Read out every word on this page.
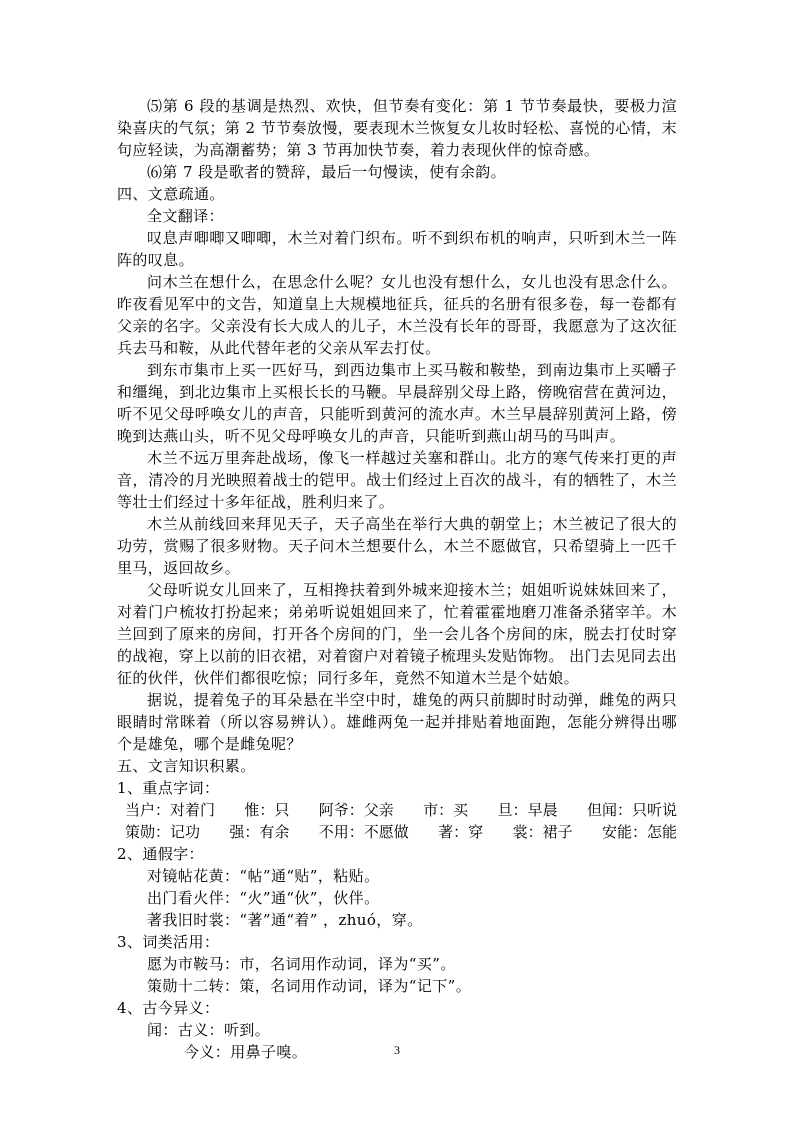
⑸第 6 段的基调是热烈、欢快，但节奏有变化：第 1 节节奏最快，要极力渲染喜庆的气氛；第 2 节节奏放慢，要表现木兰恢复女儿妆时轻松、喜悦的心情，末句应轻读，为高潮蓄势；第 3 节再加快节奏，着力表现伙伴的惊奇感。

⑹第 7 段是歌者的赞辞，最后一句慢读，使有余韵。

四、文意疏通。

全文翻译：

叹息声唧唧又唧唧，木兰对着门织布。听不到织布机的响声，只听到木兰一阵阵的叹息。

问木兰在想什么，在思念什么呢？女儿也没有想什么，女儿也没有思念什么。昨夜看见军中的文告，知道皇上大规模地征兵，征兵的名册有很多卷，每一卷都有父亲的名字。父亲没有长大成人的儿子，木兰没有长年的哥哥，我愿意为了这次征兵去马和鞍，从此代替年老的父亲从军去打仗。

到东市集市上买一匹好马，到西边集市上买马鞍和鞍垫，到南边集市上买嚼子和缰绳，到北边集市上买根长长的马鞭。早晨辞别父母上路，傍晚宿营在黄河边，听不见父母呼唤女儿的声音，只能听到黄河的流水声。木兰早晨辞别黄河上路，傍晚到达燕山头，听不见父母呼唤女儿的声音，只能听到燕山胡马的马叫声。

木兰不远万里奔赴战场，像飞一样越过关塞和群山。北方的寒气传来打更的声音，清冷的月光映照着战士的铠甲。战士们经过上百次的战斗，有的牺牲了，木兰等壮士们经过十多年征战，胜利归来了。

木兰从前线回来拜见天子，天子高坐在举行大典的朝堂上；木兰被记了很大的功劳，赏赐了很多财物。天子问木兰想要什么，木兰不愿做官，只希望骑上一匹千里马，返回故乡。

父母听说女儿回来了，互相搀扶着到外城来迎接木兰；姐姐听说妹妹回来了，对着门户梳妆打扮起来；弟弟听说姐姐回来了，忙着霍霍地磨刀准备杀猪宰羊。木兰回到了原来的房间，打开各个房间的门，坐一会儿各个房间的床，脱去打仗时穿的战袍，穿上以前的旧衣裙，对着窗户对着镜子梳理头发贴饰物。 出门去见同去出征的伙伴，伙伴们都很吃惊；同行多年，竟然不知道木兰是个姑娘。

据说，提着兔子的耳朵悬在半空中时，雄兔的两只前脚时时动弹，雌兔的两只眼睛时常眯着（所以容易辨认）。雄雌两兔一起并排贴着地面跑，怎能分辨得出哪个是雄兔，哪个是雌兔呢？

五、文言知识积累。

1、重点字词：

当户：对着门 惟：只 阿爷：父亲 市：买 旦：早晨 但闻：只听说
策勋：记功 强：有余 不用：不愿做 著：穿 裳：裙子 安能：怎能

2、通假字：

对镜帖花黄：“帖”通“贴”，粘贴。

出门看火伴：“火”通“伙”，伙伴。

著我旧时裳：“著”通“着” ，zhuó，穿。

3、词类活用：

愿为市鞍马：市，名词用作动词，译为“买”。

策勋十二转：策，名词用作动词，译为“记下”。

4、古今异义：

闻：古义：听到。

今义：用鼻子嗅。	3
